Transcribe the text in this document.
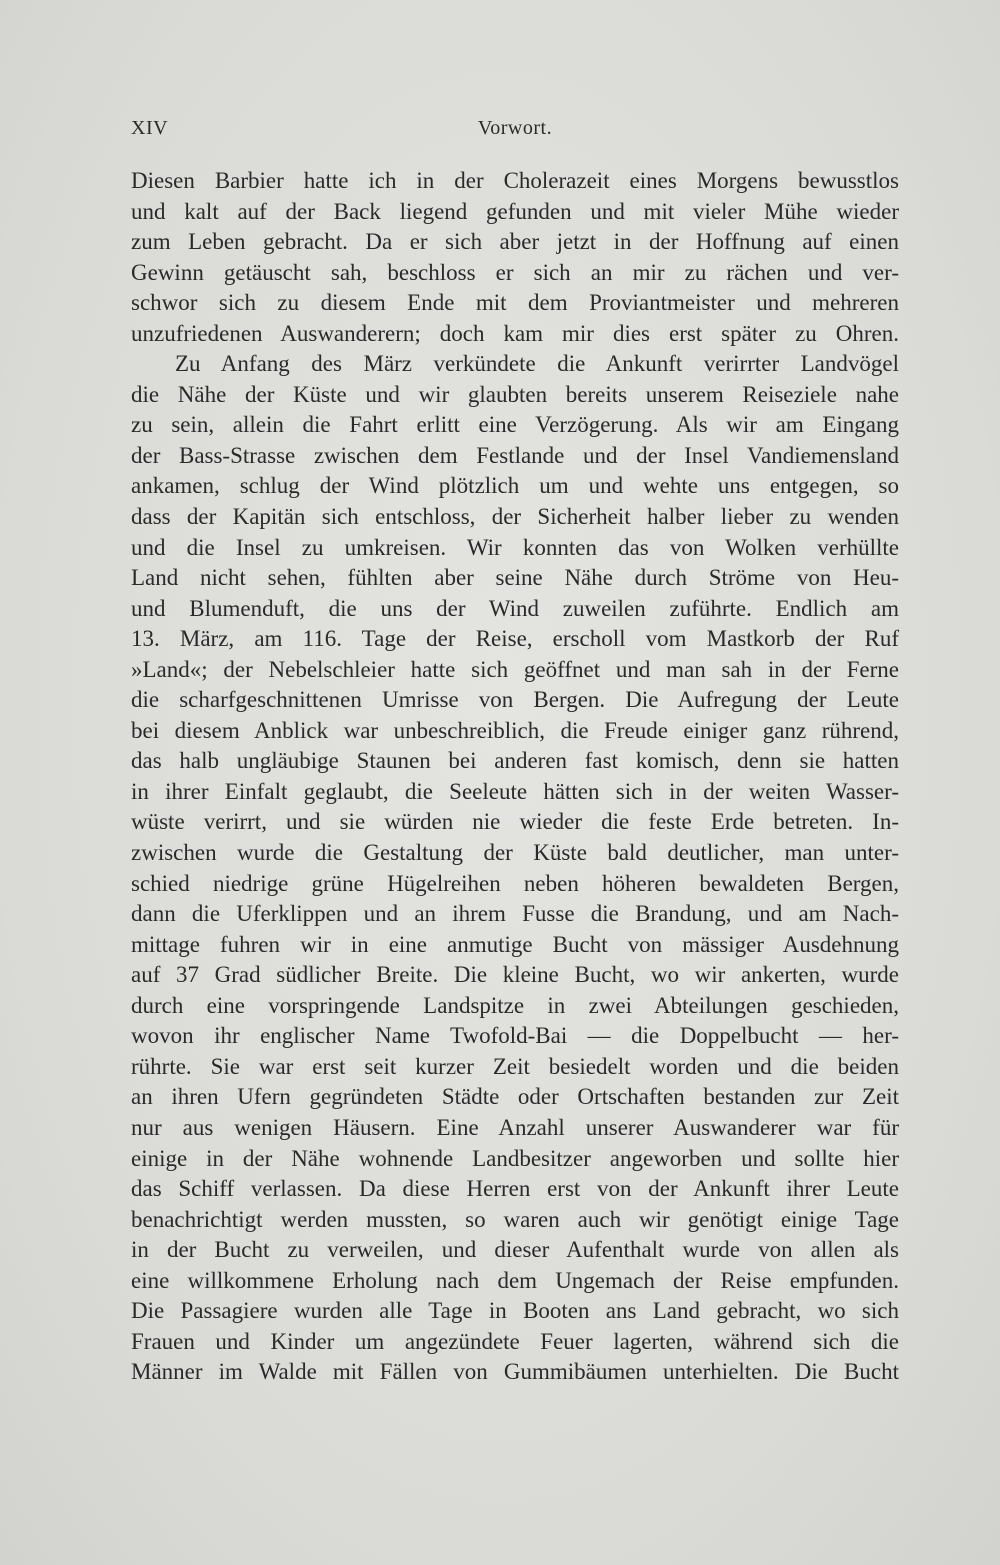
XIV	Vorwort.
Diesen Barbier hatte ich in der Cholerazeit eines Morgens bewusstlos
und kalt auf der Back liegend gefunden und mit vieler Mühe wieder
zum Leben gebracht. Da er sich aber jetzt in der Hoffnung auf einen
Gewinn getäuscht sah, beschloss er sich an mir zu rächen und ver-
schwor sich zu diesem Ende mit dem Proviantmeister und mehreren
unzufriedenen Auswanderern; doch kam mir dies erst später zu Ohren.
Zu Anfang des März verkündete die Ankunft verirrter Landvögel
die Nähe der Küste und wir glaubten bereits unserem Reiseziele nahe
zu sein, allein die Fahrt erlitt eine Verzögerung. Als wir am Eingang
der Bass-Strasse zwischen dem Festlande und der Insel Vandiemensland
ankamen, schlug der Wind plötzlich um und wehte uns entgegen, so
dass der Kapitän sich entschloss, der Sicherheit halber lieber zu wenden
und die Insel zu umkreisen. Wir konnten das von Wolken verhüllte
Land nicht sehen, fühlten aber seine Nähe durch Ströme von Heu-
und Blumenduft, die uns der Wind zuweilen zuführte. Endlich am
13. März, am 116. Tage der Reise, erscholl vom Mastkorb der Ruf
»Land«; der Nebelschleier hatte sich geöffnet und man sah in der Ferne
die scharfgeschnittenen Umrisse von Bergen. Die Aufregung der Leute
bei diesem Anblick war unbeschreiblich, die Freude einiger ganz rührend,
das halb ungläubige Staunen bei anderen fast komisch, denn sie hatten
in ihrer Einfalt geglaubt, die Seeleute hätten sich in der weiten Wasser-
wüste verirrt, und sie würden nie wieder die feste Erde betreten. In-
zwischen wurde die Gestaltung der Küste bald deutlicher, man unter-
schied niedrige grüne Hügelreihen neben höheren bewaldeten Bergen,
dann die Uferklippen und an ihrem Fusse die Brandung, und am Nach-
mittage fuhren wir in eine anmutige Bucht von mässiger Ausdehnung
auf 37 Grad südlicher Breite. Die kleine Bucht, wo wir ankerten, wurde
durch eine vorspringende Landspitze in zwei Abteilungen geschieden,
wovon ihr englischer Name Twofold-Bai — die Doppelbucht — her-
rührte. Sie war erst seit kurzer Zeit besiedelt worden und die beiden
an ihren Ufern gegründeten Städte oder Ortschaften bestanden zur Zeit
nur aus wenigen Häusern. Eine Anzahl unserer Auswanderer war für
einige in der Nähe wohnende Landbesitzer angeworben und sollte hier
das Schiff verlassen. Da diese Herren erst von der Ankunft ihrer Leute
benachrichtigt werden mussten, so waren auch wir genötigt einige Tage
in der Bucht zu verweilen, und dieser Aufenthalt wurde von allen als
eine willkommene Erholung nach dem Ungemach der Reise empfunden.
Die Passagiere wurden alle Tage in Booten ans Land gebracht, wo sich
Frauen und Kinder um angezündete Feuer lagerten, während sich die
Männer im Walde mit Fällen von Gummibäumen unterhielten. Die Bucht
